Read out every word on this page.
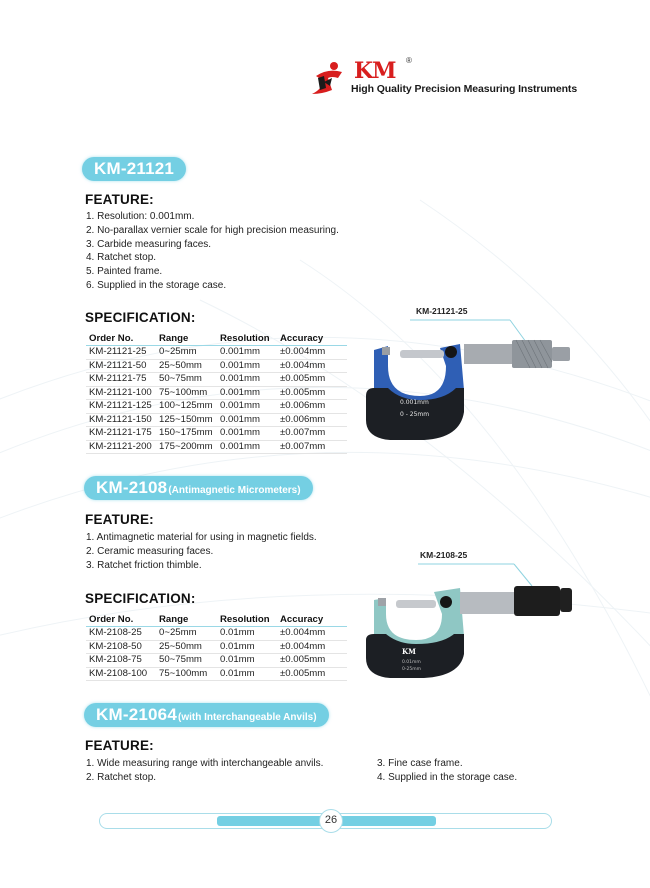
KM ®
High Quality Precision Measuring Instruments
KM-21121
FEATURE:
1. Resolution: 0.001mm.
2. No-parallax vernier scale for high precision measuring.
3. Carbide measuring faces.
4. Ratchet stop.
5. Painted frame.
6. Supplied in the storage case.
SPECIFICATION:
Order No.	Range	Resolution	Accuracy
KM-21121-25	0~25mm	0.001mm	±0.004mm
KM-21121-50	25~50mm	0.001mm	±0.004mm
KM-21121-75	50~75mm	0.001mm	±0.005mm
KM-21121-100	75~100mm	0.001mm	±0.005mm
KM-21121-125	100~125mm	0.001mm	±0.006mm
KM-21121-150	125~150mm	0.001mm	±0.006mm
KM-21121-175	150~175mm	0.001mm	±0.007mm
KM-21121-200	175~200mm	0.001mm	±0.007mm
KM-21121-25
0.001mm
0 - 25mm
KM-2108 (Antimagnetic Micrometers)
FEATURE:
1. Antimagnetic material for using in magnetic fields.
2. Ceramic measuring faces.
3. Ratchet friction thimble.
SPECIFICATION:
Order No.	Range	Resolution	Accuracy
KM-2108-25	0~25mm	0.01mm	±0.004mm
KM-2108-50	25~50mm	0.01mm	±0.004mm
KM-2108-75	50~75mm	0.01mm	±0.005mm
KM-2108-100	75~100mm	0.01mm	±0.005mm
KM-2108-25
KM
0.01mm
0-25mm
KM-21064 (with Interchangeable Anvils)
FEATURE:
1. Wide measuring range with interchangeable anvils.
2. Ratchet stop.
3. Fine case frame.
4. Supplied in the storage case.
26
